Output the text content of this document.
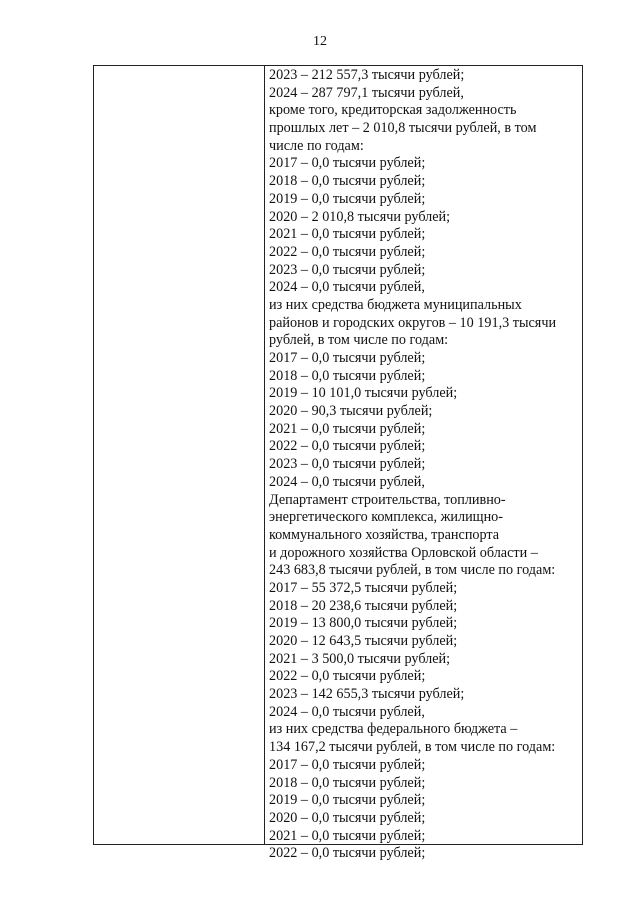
12
2023 – 212 557,3 тысячи рублей;
2024 – 287 797,1 тысячи рублей,
кроме того, кредиторская задолженность
прошлых лет – 2 010,8 тысячи рублей, в том
числе по годам:
2017 – 0,0 тысячи рублей;
2018 – 0,0 тысячи рублей;
2019 – 0,0 тысячи рублей;
2020 – 2 010,8 тысячи рублей;
2021 – 0,0 тысячи рублей;
2022 – 0,0 тысячи рублей;
2023 – 0,0 тысячи рублей;
2024 – 0,0 тысячи рублей,
из них средства бюджета муниципальных
районов и городских округов – 10 191,3 тысячи
рублей, в том числе по годам:
2017 – 0,0 тысячи рублей;
2018 – 0,0 тысячи рублей;
2019 – 10 101,0 тысячи рублей;
2020 – 90,3 тысячи рублей;
2021 – 0,0 тысячи рублей;
2022 – 0,0 тысячи рублей;
2023 – 0,0 тысячи рублей;
2024 – 0,0 тысячи рублей,
Департамент строительства, топливно-
энергетического комплекса, жилищно-
коммунального хозяйства, транспорта
и дорожного хозяйства Орловской области –
243 683,8 тысячи рублей, в том числе по годам:
2017 – 55 372,5 тысячи рублей;
2018 – 20 238,6 тысячи рублей;
2019 – 13 800,0 тысячи рублей;
2020 – 12 643,5 тысячи рублей;
2021 – 3 500,0 тысячи рублей;
2022 – 0,0 тысячи рублей;
2023 – 142 655,3 тысячи рублей;
2024 – 0,0 тысячи рублей,
из них средства федерального бюджета –
134 167,2 тысячи рублей, в том числе по годам:
2017 – 0,0 тысячи рублей;
2018 – 0,0 тысячи рублей;
2019 – 0,0 тысячи рублей;
2020 – 0,0 тысячи рублей;
2021 – 0,0 тысячи рублей;
2022 – 0,0 тысячи рублей;
